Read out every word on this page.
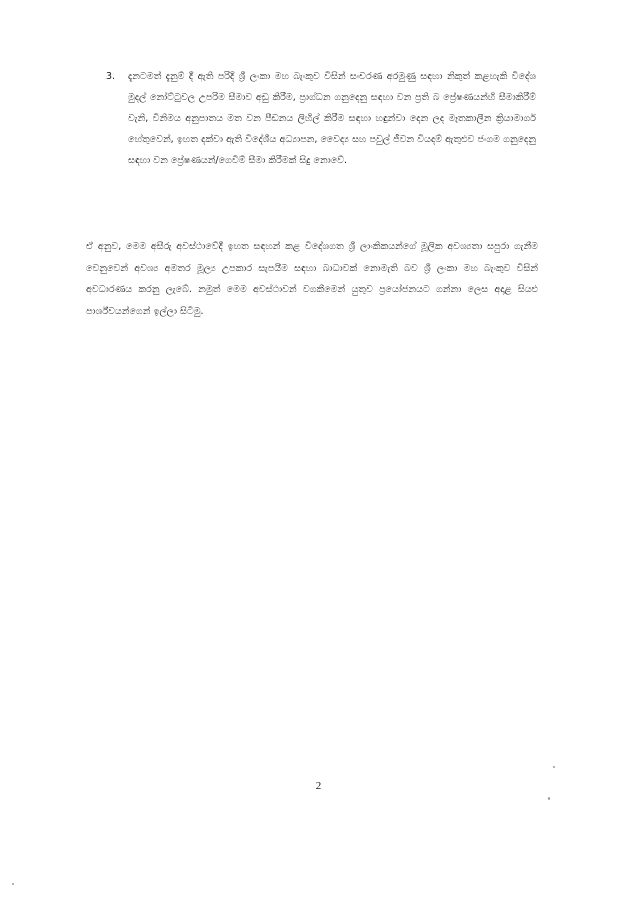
3. දැනටමත් දැනුම් දී ඇති පරිදි ශ්‍රී ලංකා මහ බැංකුව විසින් සංචරණ අරමුණු සඳහා නිකුත් කළහැකි විදේශ මුදල් නෝට්ටුවල උපරිම සීමාව අඩු කිරීම, ප්‍රාග්ධන ගනුදෙනු සඳහා වන ප්‍රති බ ප්‍රේෂණයන්හි සීමාකිරීම් වැනි, විනිමය අනුපාතය මත වන පීඩනය ලිහිල් කිරීම සඳහා හඳුන්වා දෙන ලද මෑතකාලීන ක්‍රියාමාර්ග හේතුවෙන්, ඉහත දක්වා ඇති විදේශීය අධ්‍යාපන, වෛද්‍ය සහ පවුල් ජීවන වියදම් ඇතුළුව ජංගම ගනුදෙනු සඳහා වන ප්‍රේෂණයන්/ගෙවීම් සීමා කිරීමක් සිදු නොවේ.
ඒ අනුව, මෙම අසීරු අවස්ථාවේදී ඉහත සඳහන් කළ විදේශගත ශ්‍රී ලාංකිකයන්ගේ මූලික අවශ්‍යතා සපුරා ගැනීම වෙනුවෙන් අවශ්‍ය අමතර මූල්‍ය උපකාර සැපයීම සඳහා බාධාවක් නොමැති බව ශ්‍රී ලංකා මහ බැංකුව විසින් අවධාරණය කරනු ලැබේ. නමුත් මෙම අවස්ථාවන් වගකීමෙන් යුතුව ප්‍රයෝජනයට ගන්නා ලෙස අදාළ සියළු පාර්ශ්වයන්ගෙන් ඉල්ලා සිටිමු.
2
